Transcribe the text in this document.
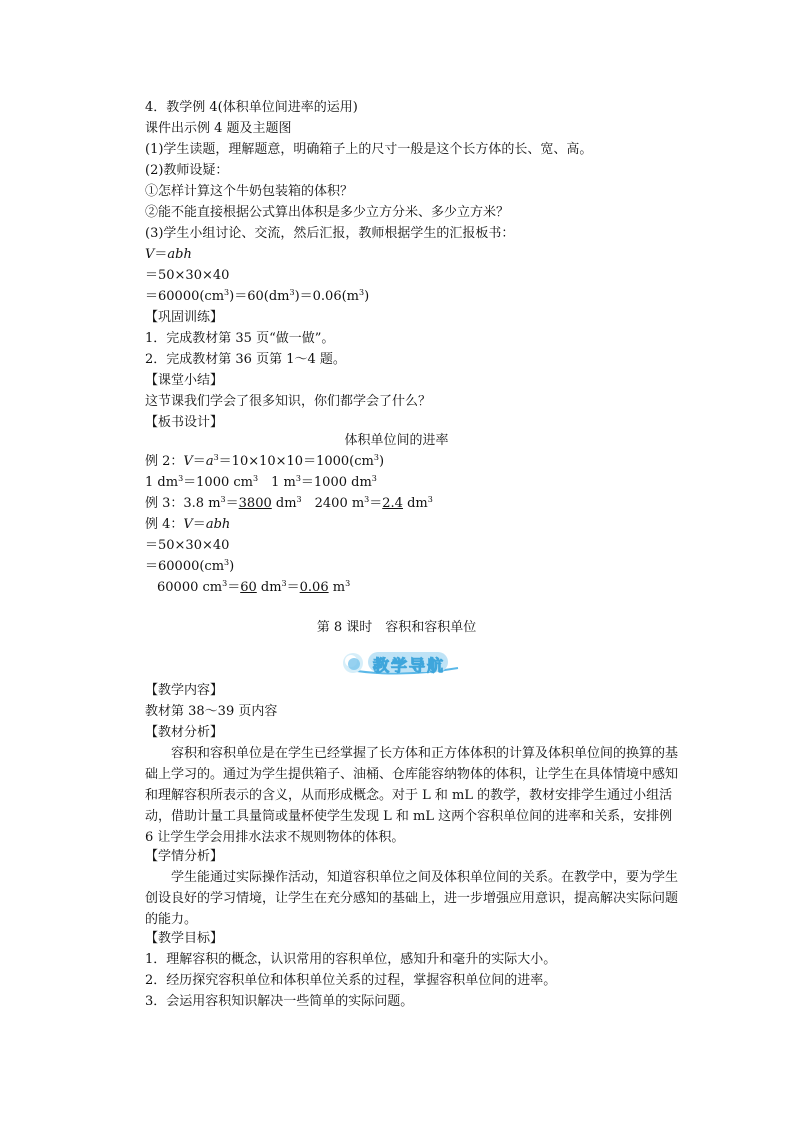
4．教学例 4(体积单位间进率的运用)
课件出示例 4 题及主题图
(1)学生读题，理解题意，明确箱子上的尺寸一般是这个长方体的长、宽、高。
(2)教师设疑：
①怎样计算这个牛奶包装箱的体积？
②能不能直接根据公式算出体积是多少立方分米、多少立方米？
(3)学生小组讨论、交流，然后汇报，教师根据学生的汇报板书：
V＝abh
＝50×30×40
$=60000(cm^3)=60(dm^3)=0.06(m^3)$
【巩固训练】
1．完成教材第 35 页“做一做”。
2．完成教材第 36 页第 1～4 题。
【课堂小结】
这节课我们学会了很多知识，你们都学会了什么？
【板书设计】
体积单位间的进率
例 2：$V=a^3=10\times 10\times 10=1000(cm^3)$
1 $dm^3=1000$ $cm^3$　1 $m^3=1000$ $dm^3$
例 3：3.8 $m^3=3800$ $dm^3$　2400 $m^3=2.4$ $dm^3$
例 4：V＝abh
＝50×30×40
$=60000(cm^3)$
60000 $cm^3=60$ $dm^3=0.06$ $m^3$
第 8 课时　容积和容积单位
教学导航
【教学内容】
教材第 38～39 页内容
【教材分析】
容积和容积单位是在学生已经掌握了长方体和正方体体积的计算及体积单位间的换算的基础上学习的。通过为学生提供箱子、油桶、仓库能容纳物体的体积，让学生在具体情境中感知和理解容积所表示的含义，从而形成概念。对于 L 和 mL 的教学，教材安排学生通过小组活动，借助计量工具量筒或量杯使学生发现 L 和 mL 这两个容积单位间的进率和关系，安排例 6 让学生学会用排水法求不规则物体的体积。
【学情分析】
学生能通过实际操作活动，知道容积单位之间及体积单位间的关系。在教学中，要为学生创设良好的学习情境，让学生在充分感知的基础上，进一步增强应用意识，提高解决实际问题的能力。
【教学目标】
1．理解容积的概念，认识常用的容积单位，感知升和毫升的实际大小。
2．经历探究容积单位和体积单位关系的过程，掌握容积单位间的进率。
3．会运用容积知识解决一些简单的实际问题。
